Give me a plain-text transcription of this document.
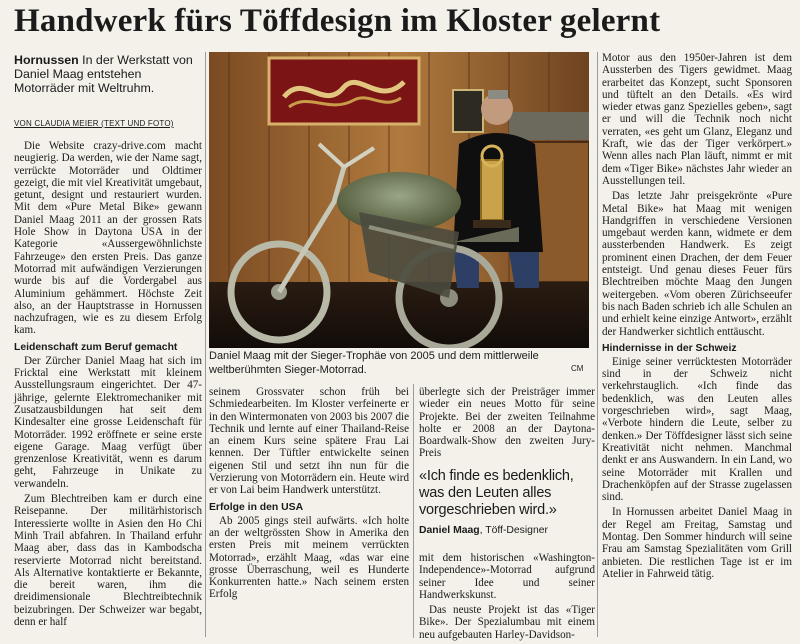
Handwerk fürs Töffdesign im Kloster gelernt
Hornussen In der Werkstatt von Daniel Maag entstehen Motorräder mit Weltruhm.
VON CLAUDIA MEIER (TEXT UND FOTO)

Die Website crazy-drive.com macht neugierig. Da werden, wie der Name sagt, verrückte Motorräder und Oldtimer gezeigt, die mit viel Kreativität umgebaut, getunt, designt und restauriert wurden. Mit dem «Pure Metal Bike» gewann Daniel Maag 2011 an der grossen Rats Hole Show in Daytona USA in der Kategorie «Aussergewöhnlichste Fahrzeuge» den ersten Preis. Das ganze Motorrad mit aufwändigen Verzierungen wurde bis auf die Vordergabel aus Aluminium gehämmert. Höchste Zeit also, an der Hauptstrasse in Hornussen nachzufragen, wie es zu diesem Erfolg kam.

Leidenschaft zum Beruf gemacht

Der Zürcher Daniel Maag hat sich im Fricktal eine Werkstatt mit kleinem Ausstellungsraum eingerichtet. Der 47-jährige, gelernte Elektromechaniker mit Zusatzausbildungen hat seit dem Kindesalter eine grosse Leidenschaft für Motorräder. 1992 eröffnete er seine erste eigene Garage. Maag verfügt über grenzenlose Kreativität, wenn es darum geht, Fahrzeuge in Unikate zu verwandeln.

Zum Blechtreiben kam er durch eine Reisepanne. Der militärhistorisch Interessierte wollte in Asien den Ho Chi Minh Trail abfahren. In Thailand erfuhr Maag aber, dass das in Kambodscha reservierte Motorrad nicht bereitstand. Als Alternative kontaktierte er Bekannte, die bereit waren, ihm die dreidimensionale Blechtreibtechnik beizubringen. Der Schweizer war begabt, denn er half

Daniel Maag mit der Sieger-Trophäe von 2005 und dem mittlerweile weltberühmten Sieger-Motorrad.	CM

seinem Grossvater schon früh bei Schmiedearbeiten. Im Kloster verfeinerte er in den Wintermonaten von 2003 bis 2007 die Technik und lernte auf einer Thailand-Reise an einem Kurs seine spätere Frau Lai kennen. Der Tüftler entwickelte seinen eigenen Stil und setzt ihn nun für die Verzierung von Motorrädern ein. Heute wird er von Lai beim Handwerk unterstützt.

Erfolge in den USA

Ab 2005 gings steil aufwärts. «Ich holte an der weltgrössten Show in Amerika den ersten Preis mit meinem verrückten Motorrad», erzählt Maag, «das war eine grosse Überraschung, weil es Hunderte Konkurrenten hatte.» Nach seinem ersten Erfolg

überlegte sich der Preisträger immer wieder ein neues Motto für seine Projekte. Bei der zweiten Teilnahme holte er 2008 an der Daytona-Boardwalk-Show den zweiten Jury-Preis

«Ich finde es bedenklich, was den Leuten alles vorgeschrieben wird.»
Daniel Maag, Töff-Designer

mit dem historischen «Washington-Independence»-Motorrad aufgrund seiner Idee und seiner Handwerkskunst.

Das neuste Projekt ist das «Tiger Bike». Der Spezialumbau mit einem neu aufgebauten Harley-Davidson-

Motor aus den 1950er-Jahren ist dem Aussterben des Tigers gewidmet. Maag erarbeitet das Konzept, sucht Sponsoren und tüftelt an den Details. «Es wird wieder etwas ganz Spezielles geben», sagt er und will die Technik noch nicht verraten, «es geht um Glanz, Eleganz und Kraft, wie das der Tiger verkörpert.» Wenn alles nach Plan läuft, nimmt er mit dem «Tiger Bike» nächstes Jahr wieder an Ausstellungen teil.

Das letzte Jahr preisgekrönte «Pure Metal Bike» hat Maag mit wenigen Handgriffen in verschiedene Versionen umgebaut werden kann, widmete er dem aussterbenden Handwerk. Es zeigt prominent einen Drachen, der dem Feuer entsteigt. Und genau dieses Feuer fürs Blechtreiben möchte Maag den Jungen weitergeben. «Vom oberen Zürichseeufer bis nach Baden schrieb ich alle Schulen an und erhielt keine einzige Antwort», erzählt der Handwerker sichtlich enttäuscht.

Hindernisse in der Schweiz

Einige seiner verrücktesten Motorräder sind in der Schweiz nicht verkehrstauglich. «Ich finde das bedenklich, was den Leuten alles vorgeschrieben wird», sagt Maag, «Verbote hindern die Leute, selber zu denken.» Der Töffdesigner lässt sich seine Kreativität nicht nehmen. Manchmal denkt er ans Auswandern. In ein Land, wo seine Motorräder mit Krallen und Drachenköpfen auf der Strasse zugelassen sind.

In Hornussen arbeitet Daniel Maag in der Regel am Freitag, Samstag und Montag. Den Sommer hindurch will seine Frau am Samstag Spezialitäten vom Grill anbieten. Die restlichen Tage ist er im Atelier in Fahrweid tätig.
